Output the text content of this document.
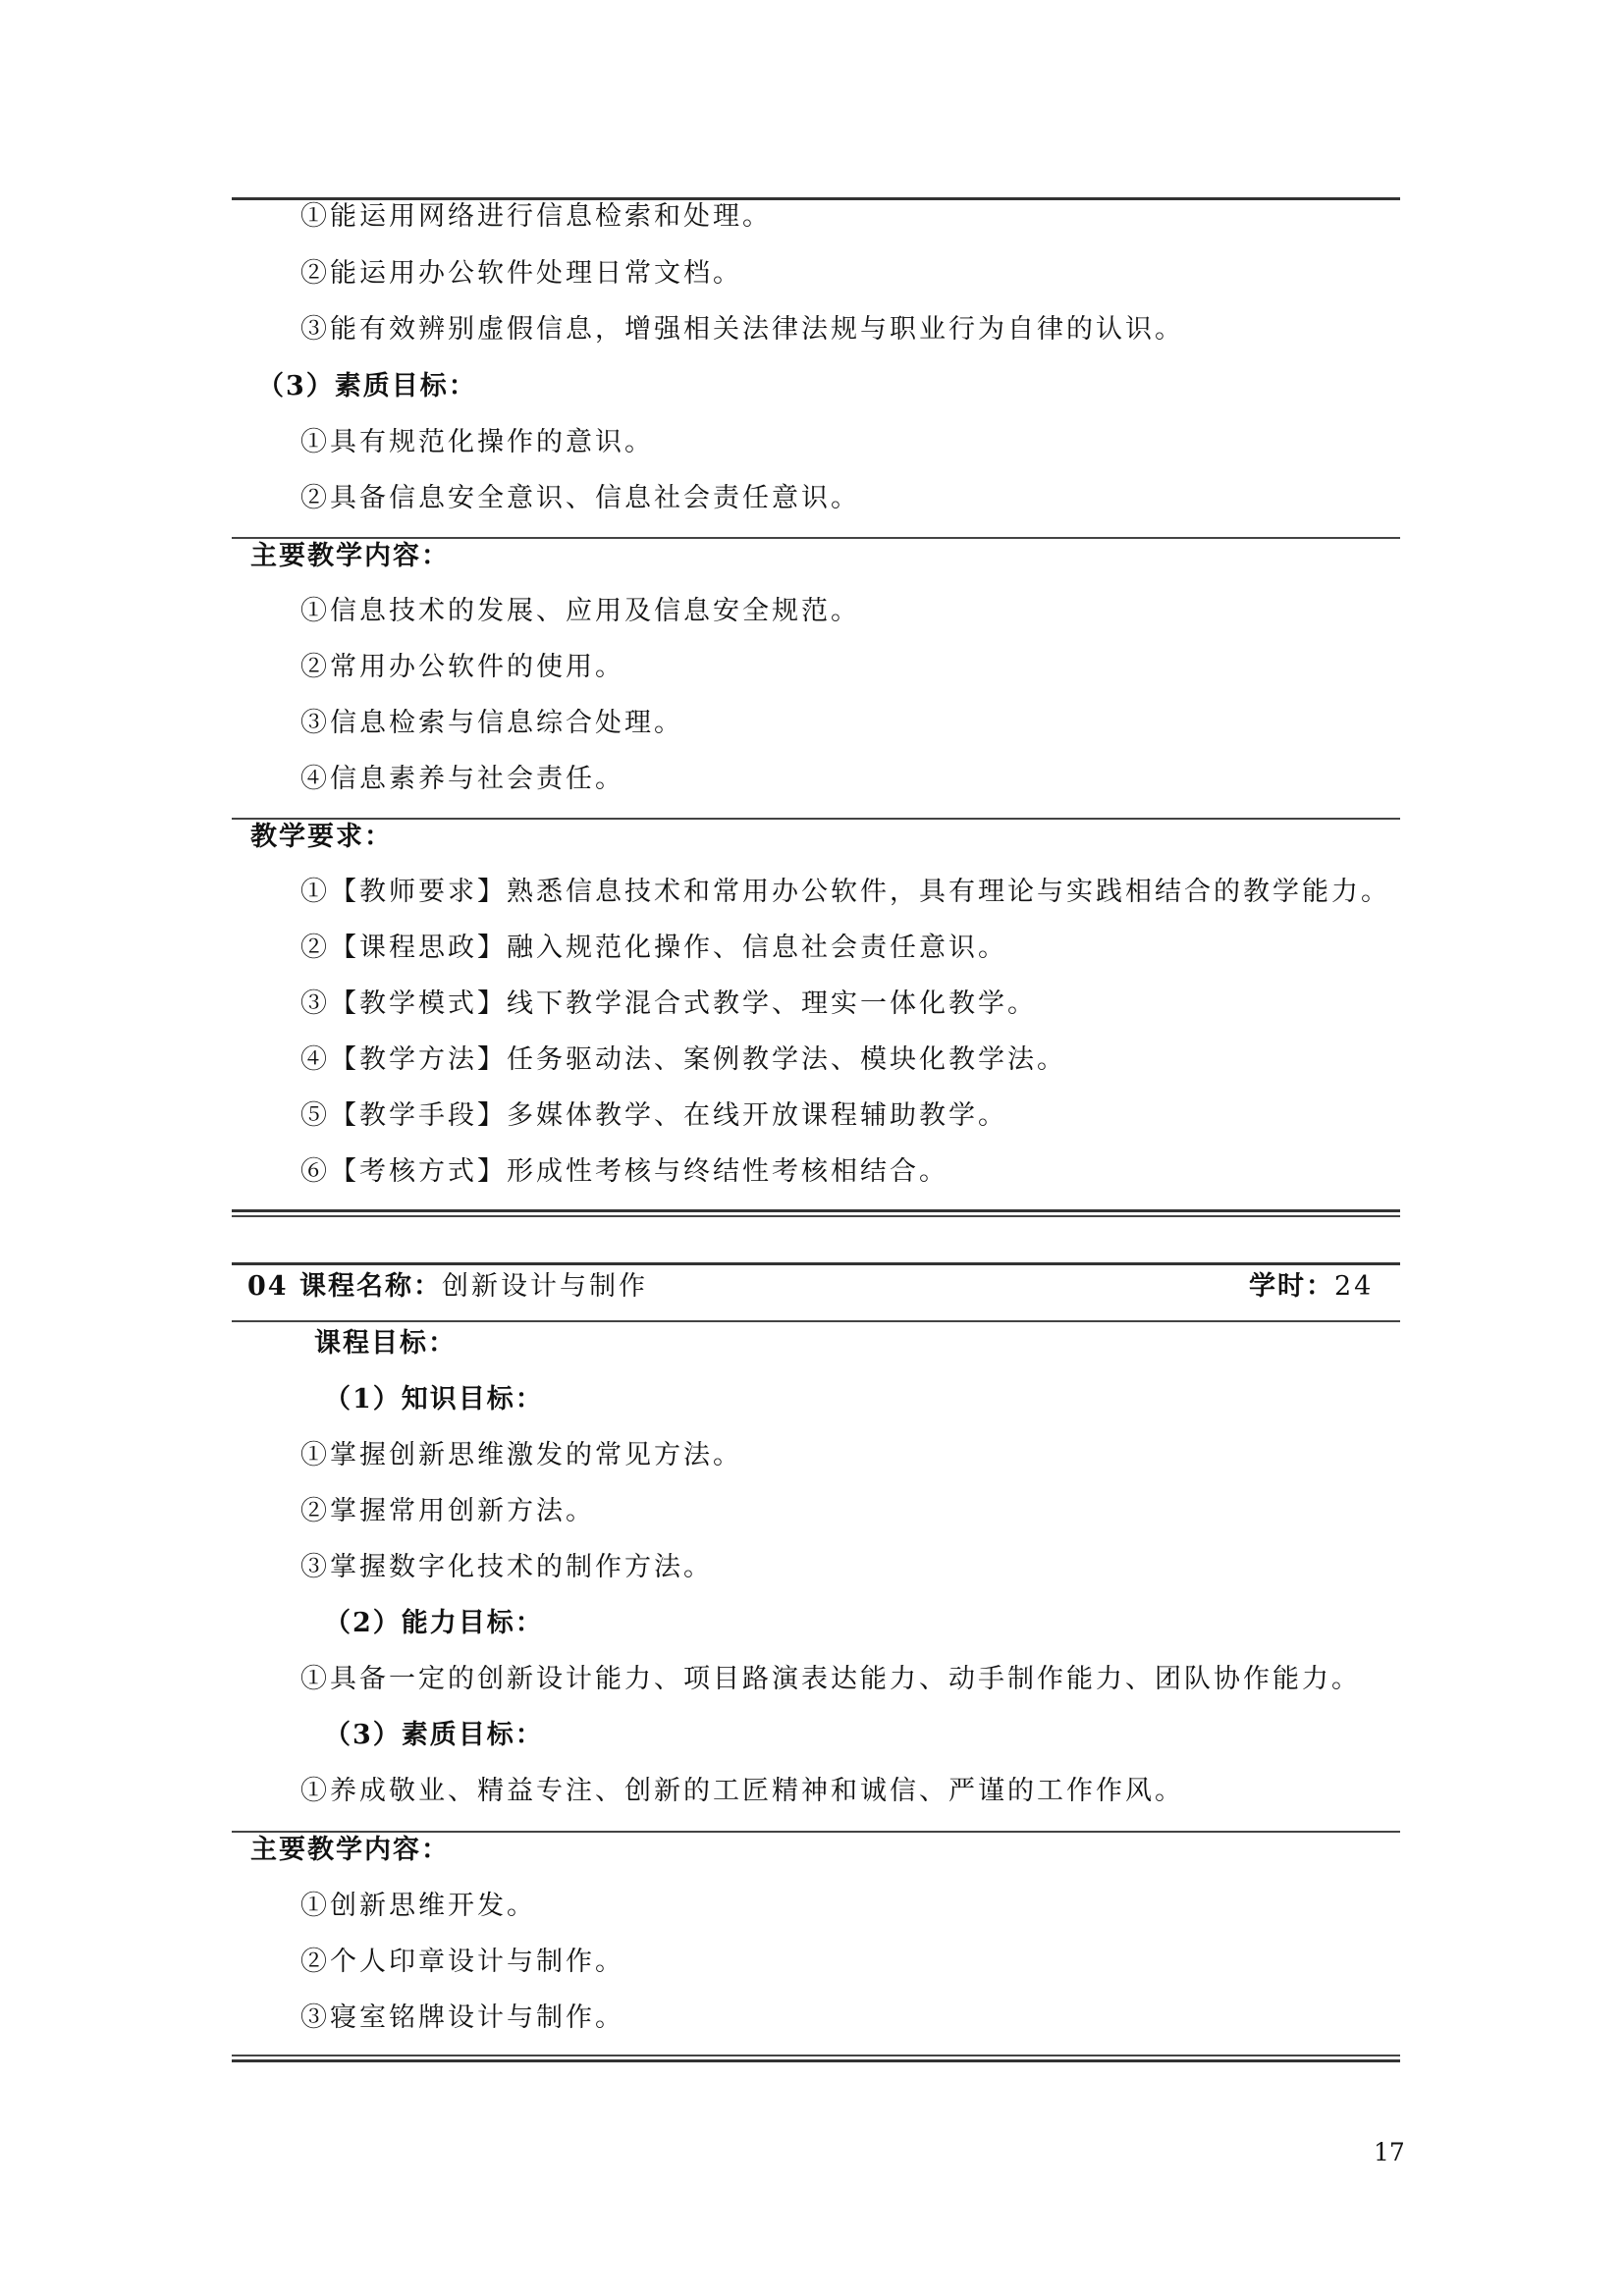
①能运用网络进行信息检索和处理。
②能运用办公软件处理日常文档。
③能有效辨别虚假信息，增强相关法律法规与职业行为自律的认识。
（3）素质目标：
①具有规范化操作的意识。
②具备信息安全意识、信息社会责任意识。
主要教学内容：
①信息技术的发展、应用及信息安全规范。
②常用办公软件的使用。
③信息检索与信息综合处理。
④信息素养与社会责任。
教学要求：
①【教师要求】熟悉信息技术和常用办公软件，具有理论与实践相结合的教学能力。
②【课程思政】融入规范化操作、信息社会责任意识。
③【教学模式】线下教学混合式教学、理实一体化教学。
④【教学方法】任务驱动法、案例教学法、模块化教学法。
⑤【教学手段】多媒体教学、在线开放课程辅助教学。
⑥【考核方式】形成性考核与终结性考核相结合。
04 课程名称：创新设计与制作	学时：24
课程目标：
（1）知识目标：
①掌握创新思维激发的常见方法。
②掌握常用创新方法。
③掌握数字化技术的制作方法。
（2）能力目标：
①具备一定的创新设计能力、项目路演表达能力、动手制作能力、团队协作能力。
（3）素质目标：
①养成敬业、精益专注、创新的工匠精神和诚信、严谨的工作作风。
主要教学内容：
①创新思维开发。
②个人印章设计与制作。
③寝室铭牌设计与制作。
17
